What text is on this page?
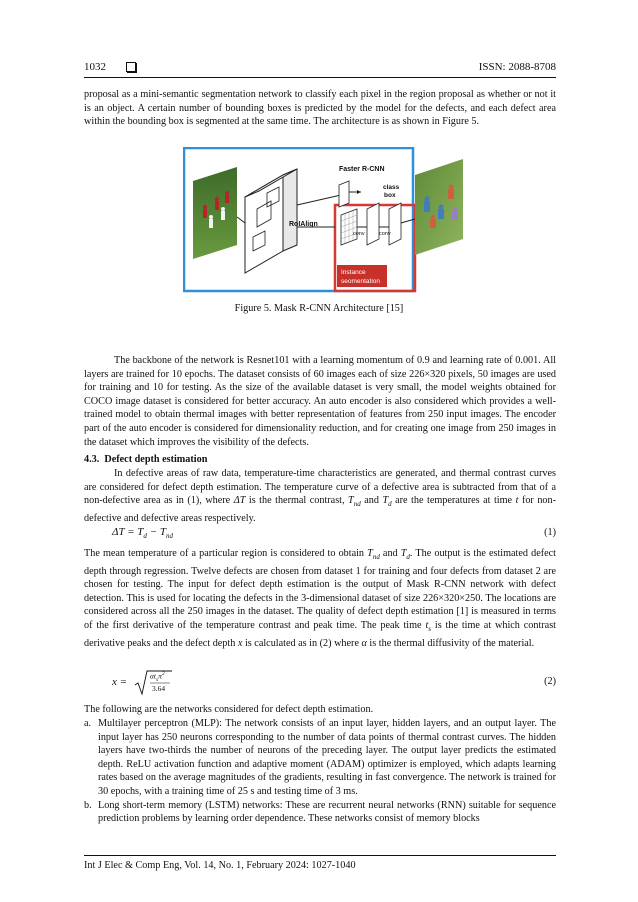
1032	ISSN: 2088-8708

proposal as a mini-semantic segmentation network to classify each pixel in the region proposal as whether or not it is an object. A certain number of bounding boxes is predicted by the model for the defects, and each defect area within the bounding box is segmented at the same time. The architecture is as shown in Figure 5.

RoIAlign
Faster R-CNN
class
box
conv	conv
Instance
seomentation
Figure 5. Mask R-CNN Architecture [15]

The backbone of the network is Resnet101 with a learning momentum of 0.9 and learning rate of 0.001. All layers are trained for 10 epochs. The dataset consists of 60 images each of size 226×320 pixels, 50 images are used for training and 10 for testing. As the size of the available dataset is very small, the model weights obtained for COCO image dataset is considered for better accuracy. An auto encoder is also considered which provides a well-trained model to obtain thermal images with better representation of features from 250 input images. The encoder part of the auto encoder is considered for dimensionality reduction, and for creating one image from 250 images in the dataset which improves the visibility of the defects.

4.3. Defect depth estimation

In defective areas of raw data, temperature-time characteristics are generated, and thermal contrast curves are considered for defect depth estimation. The temperature curve of a defective area is subtracted from that of a non-defective area as in (1), where ΔT is the thermal contrast, $T_{nd}$ and $T_d$ are the temperatures at time t for non-defective and defective areas respectively.

$\Delta T = T_d - T_{nd}$	(1)

The mean temperature of a particular region is considered to obtain $T_{nd}$ and $T_d$. The output is the estimated defect depth through regression. Twelve defects are chosen from dataset 1 for training and four defects from dataset 2 are chosen for testing. The input for defect depth estimation is the output of Mask R-CNN network with defect detection. This is used for locating the defects in the 3-dimensional dataset of size 226×320×250. The locations are considered across all the 250 images in the dataset. The quality of defect depth estimation [1] is measured in terms of the first derivative of the temperature contrast and peak time. The peak time $t_s$ is the time at which contrast derivative peaks and the defect depth x is calculated as in (2) where α is the thermal diffusivity of the material.

x =	$\alpha t_s\pi^2$
3.64
(2)

The following are the networks considered for defect depth estimation.

a. Multilayer perceptron (MLP): The network consists of an input layer, hidden layers, and an output layer. The input layer has 250 neurons corresponding to the number of data points of thermal contrast curves. The hidden layers have two-thirds the number of neurons of the preceding layer. The output layer predicts the estimated depth. ReLU activation function and adaptive moment (ADAM) optimizer is employed, which adapts learning rates based on the average magnitudes of the gradients, resulting in fast convergence. The network is trained for 30 epochs, with a training time of 25 s and testing time of 3 ms.
b. Long short-term memory (LSTM) networks: These are recurrent neural networks (RNN) suitable for sequence prediction problems by learning order dependence. These networks consist of memory blocks
Int J Elec & Comp Eng, Vol. 14, No. 1, February 2024: 1027-1040
